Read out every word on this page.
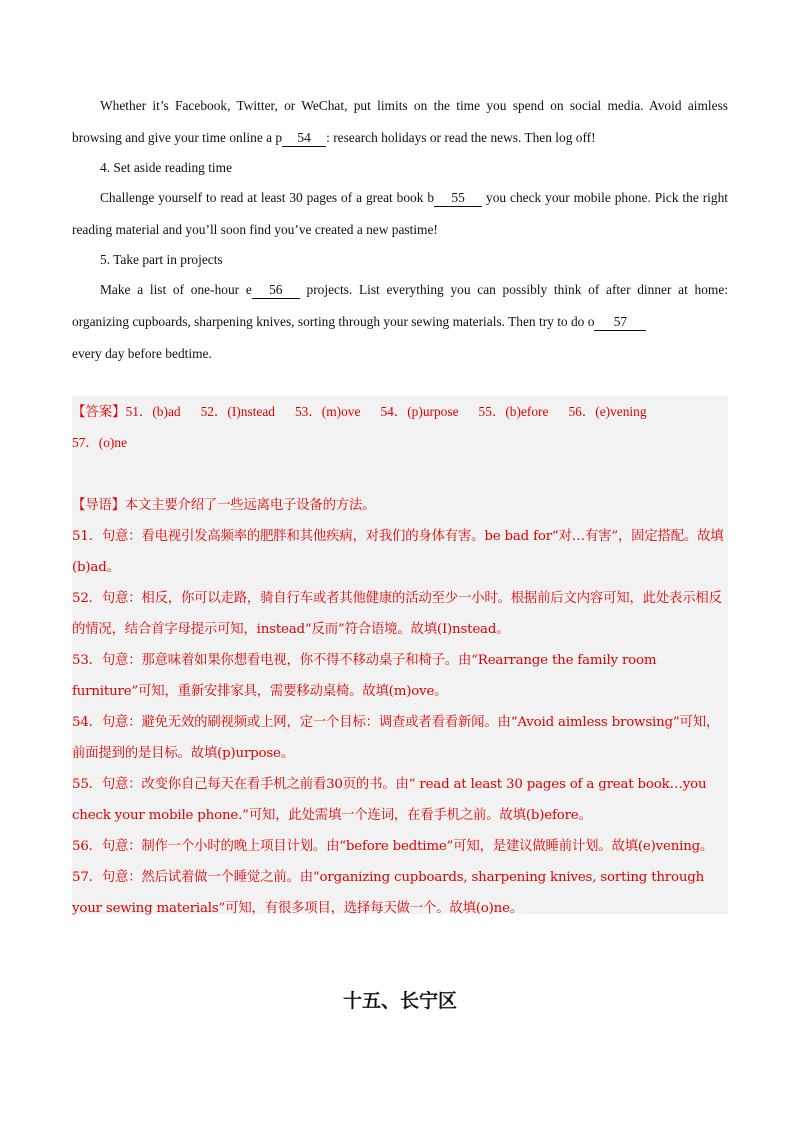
Whether it’s Facebook, Twitter, or WeChat, put limits on the time you spend on social media. Avoid aimless browsing and give your time online a p 54 : research holidays or read the news. Then log off!

4. Set aside reading time

Challenge yourself to read at least 30 pages of a great book b 55 you check your mobile phone. Pick the right reading material and you’ll soon find you’ve created a new pastime!

5. Take part in projects

Make a list of one-hour e 56 projects. List everything you can possibly think of after dinner at home: organizing cupboards, sharpening knives, sorting through your sewing materials. Then try to do o 57
every day before bedtime.

【答案】51．(b)ad 52．(I)nstead 53．(m)ove 54．(p)urpose 55．(b)efore 56．(e)vening

57．(o)ne

【导语】本文主要介绍了一些远离电子设备的方法。

51．句意：看电视引发高频率的肥胖和其他疾病，对我们的身体有害。be bad for“对…有害”，固定搭配。故填(b)ad。

52．句意：相反，你可以走路，骑自行车或者其他健康的活动至少一小时。根据前后文内容可知，此处表示相反的情况，结合首字母提示可知，instead“反而”符合语境。故填(I)nstead。

53．句意：那意味着如果你想看电视，你不得不移动桌子和椅子。由“Rearrange the family room furniture”可知，重新安排家具，需要移动桌椅。故填(m)ove。

54．句意：避免无效的刷视频或上网，定一个目标：调查或者看看新闻。由“Avoid aimless browsing”可知，前面提到的是目标。故填(p)urpose。

55．句意：改变你自己每天在看手机之前看30页的书。由“ read at least 30 pages of a great book…you check your mobile phone.”可知，此处需填一个连词，在看手机之前。故填(b)efore。

56．句意：制作一个小时的晚上项目计划。由“before bedtime”可知，是建议做睡前计划。故填(e)vening。

57．句意：然后试着做一个睡觉之前。由“organizing cupboards, sharpening knives, sorting through your sewing materials”可知，有很多项目，选择每天做一个。故填(o)ne。

十五、长宁区
